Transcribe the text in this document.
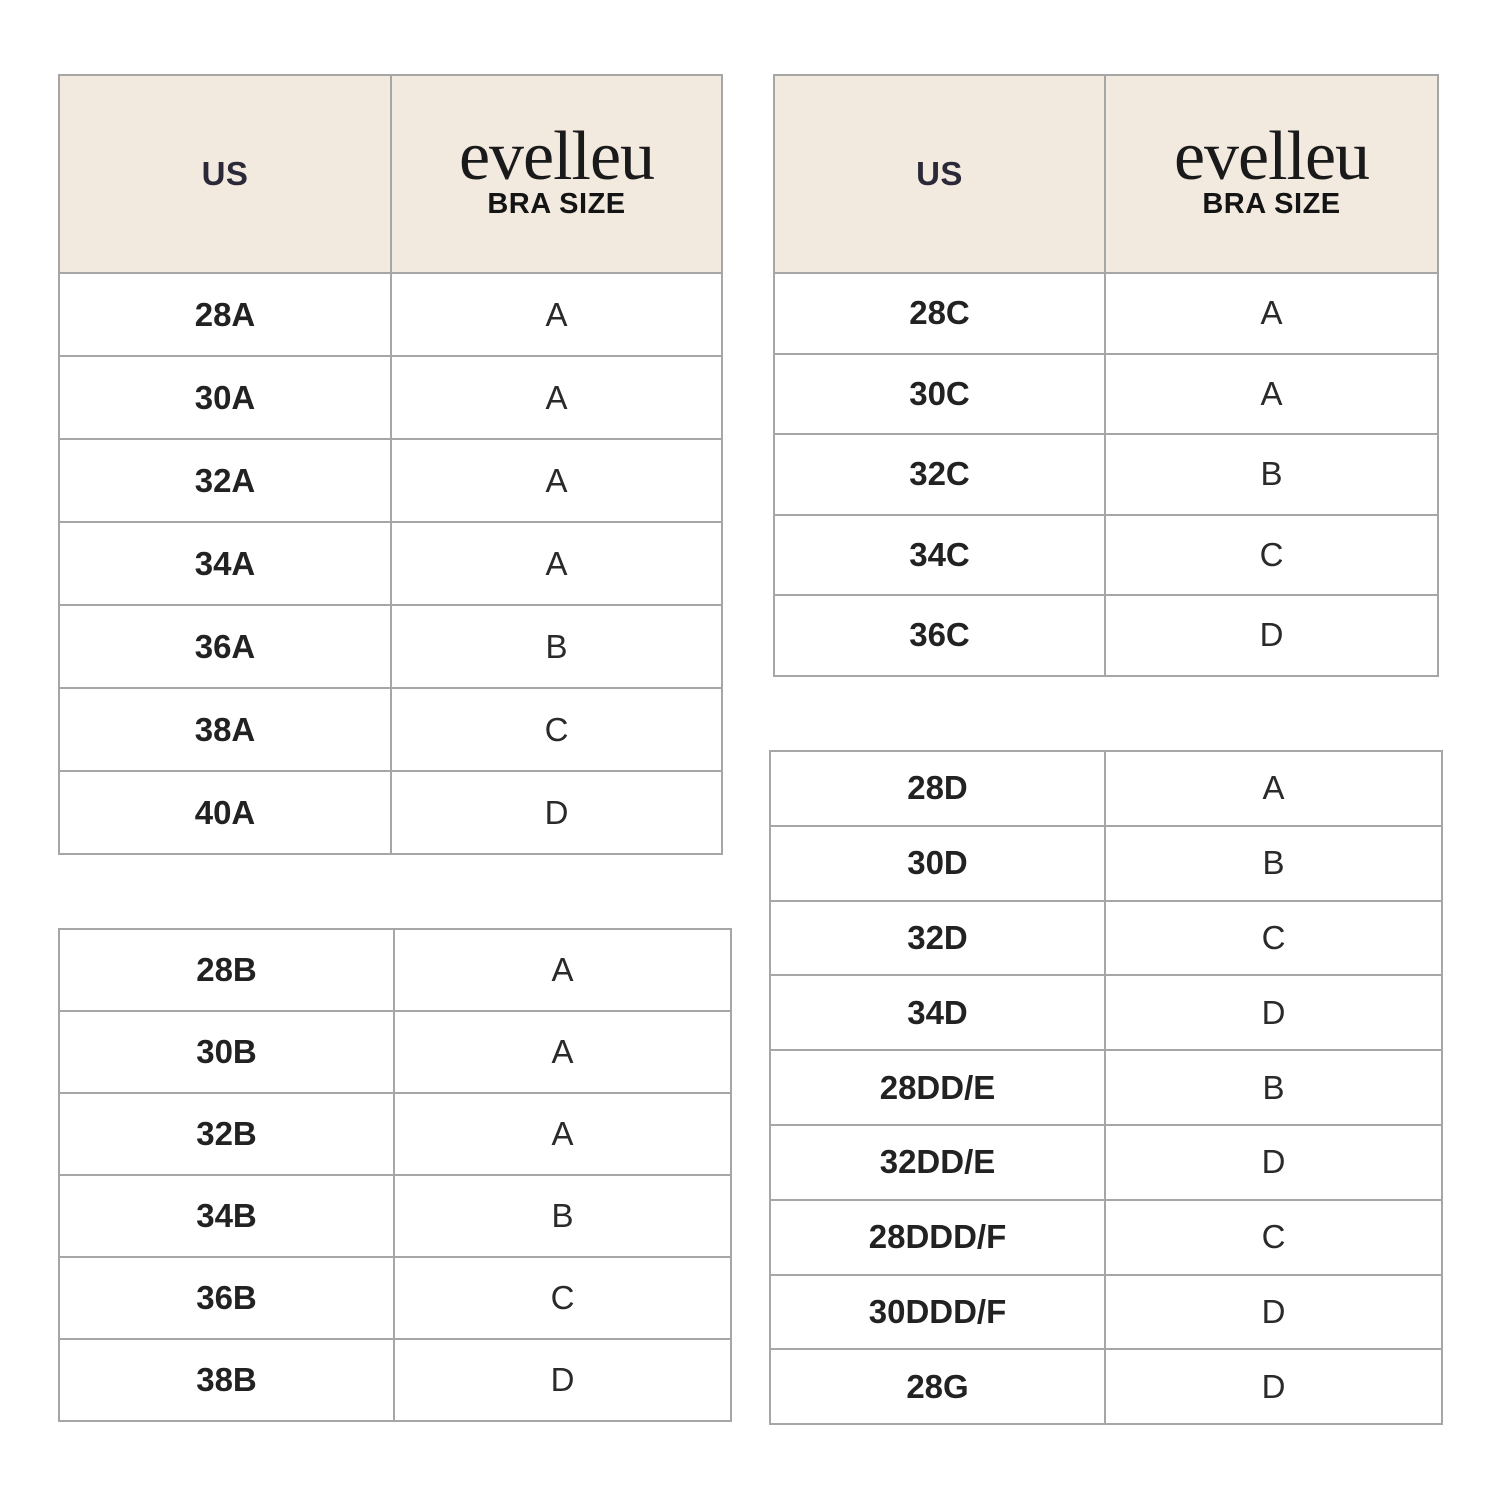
US	evelleu
BRA SIZE

28A	A
30A	A
32A	A
34A	A
36A	B
38A	C
40A	D
US	evelleu
BRA SIZE

28C	A
30C	A
32C	B
34C	C
36C	D
28B	A
30B	A
32B	A
34B	B
36B	C
38B	D
28D	A
30D	B
32D	C
34D	D
28DD/E	B
32DD/E	D
28DDD/F	C
30DDD/F	D
28G	D
